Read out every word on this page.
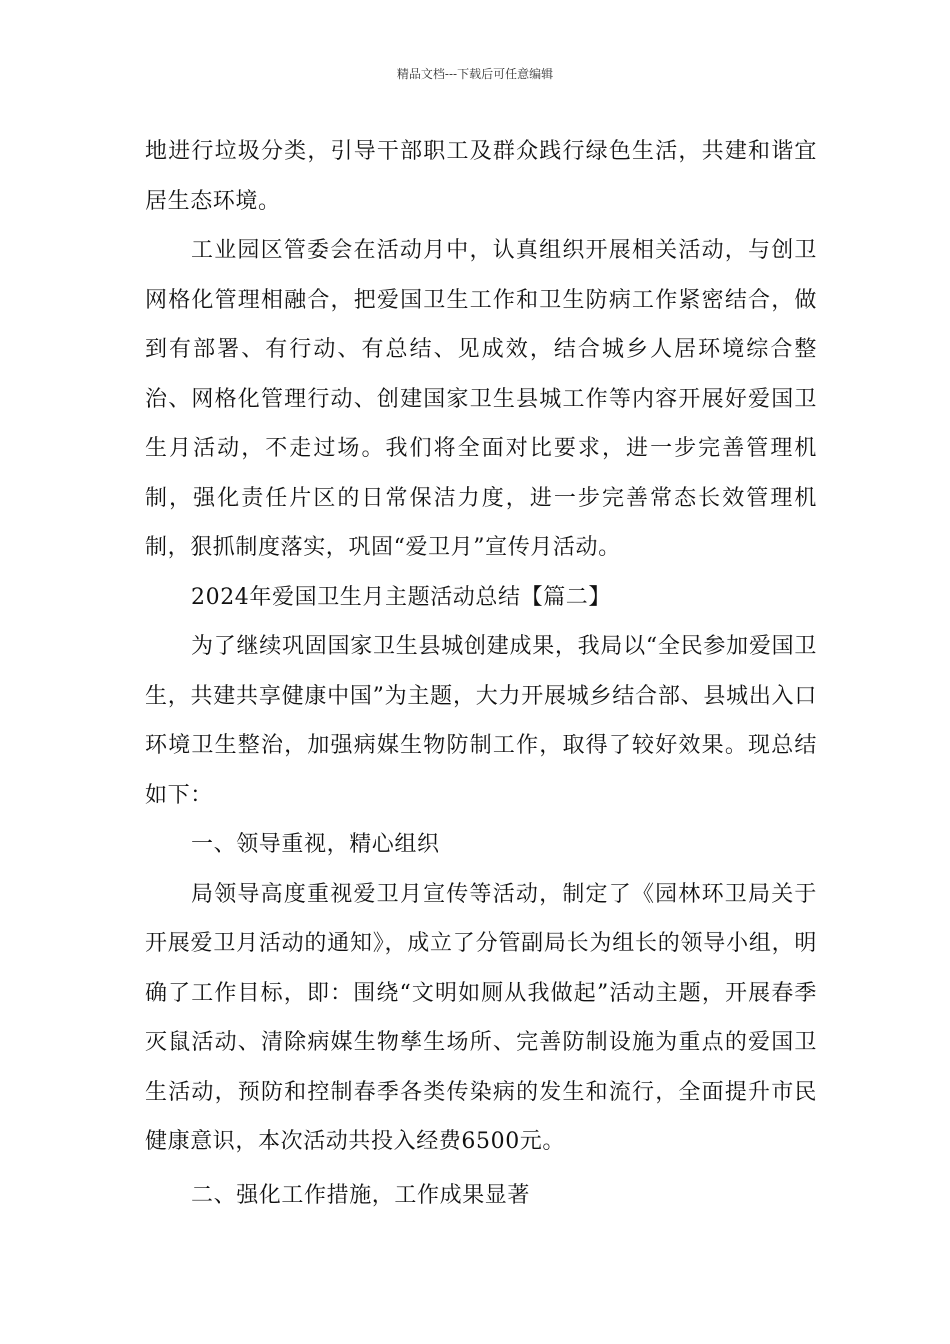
精品文档---下载后可任意编辑

地进行垃圾分类，引导干部职工及群众践行绿色生活，共建和谐宜居生态环境。

工业园区管委会在活动月中，认真组织开展相关活动，与创卫网格化管理相融合，把爱国卫生工作和卫生防病工作紧密结合，做到有部署、有行动、有总结、见成效，结合城乡人居环境综合整治、网格化管理行动、创建国家卫生县城工作等内容开展好爱国卫生月活动，不走过场。我们将全面对比要求，进一步完善管理机制，强化责任片区的日常保洁力度，进一步完善常态长效管理机制，狠抓制度落实，巩固“爱卫月”宣传月活动。

2024年爱国卫生月主题活动总结【篇二】

为了继续巩固国家卫生县城创建成果，我局以“全民参加爱国卫生，共建共享健康中国”为主题，大力开展城乡结合部、县城出入口环境卫生整治，加强病媒生物防制工作，取得了较好效果。现总结如下：

一、领导重视，精心组织

局领导高度重视爱卫月宣传等活动，制定了《园林环卫局关于开展爱卫月活动的通知》，成立了分管副局长为组长的领导小组，明确了工作目标，即：围绕“文明如厕从我做起”活动主题，开展春季灭鼠活动、清除病媒生物孳生场所、完善防制设施为重点的爱国卫生活动，预防和控制春季各类传染病的发生和流行，全面提升市民健康意识，本次活动共投入经费6500元。

二、强化工作措施，工作成果显著
